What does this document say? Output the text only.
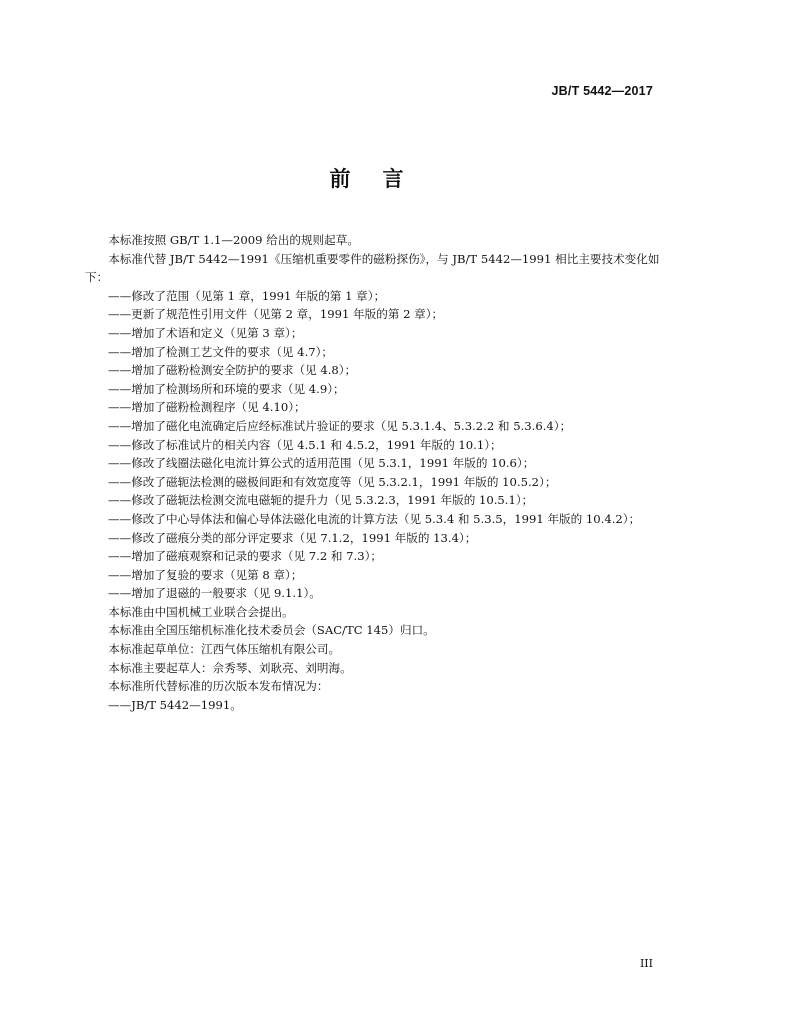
JB/T 5442—2017
前言

本标准按照 GB/T 1.1—2009 给出的规则起草。

本标准代替 JB/T 5442—1991《压缩机重要零件的磁粉探伤》，与 JB/T 5442—1991 相比主要技术变化如下：

——修改了范围（见第 1 章，1991 年版的第 1 章）；
——更新了规范性引用文件（见第 2 章，1991 年版的第 2 章）；
——增加了术语和定义（见第 3 章）；
——增加了检测工艺文件的要求（见 4.7）；
——增加了磁粉检测安全防护的要求（见 4.8）；
——增加了检测场所和环境的要求（见 4.9）；
——增加了磁粉检测程序（见 4.10）；
——增加了磁化电流确定后应经标准试片验证的要求（见 5.3.1.4、5.3.2.2 和 5.3.6.4）；
——修改了标准试片的相关内容（见 4.5.1 和 4.5.2，1991 年版的 10.1）；
——修改了线圈法磁化电流计算公式的适用范围（见 5.3.1，1991 年版的 10.6）；
——修改了磁轭法检测的磁极间距和有效宽度等（见 5.3.2.1，1991 年版的 10.5.2）；
——修改了磁轭法检测交流电磁轭的提升力（见 5.3.2.3，1991 年版的 10.5.1）；
——修改了中心导体法和偏心导体法磁化电流的计算方法（见 5.3.4 和 5.3.5，1991 年版的 10.4.2）；
——修改了磁痕分类的部分评定要求（见 7.1.2，1991 年版的 13.4）；
——增加了磁痕观察和记录的要求（见 7.2 和 7.3）；
——增加了复验的要求（见第 8 章）；
——增加了退磁的一般要求（见 9.1.1）。

本标准由中国机械工业联合会提出。

本标准由全国压缩机标准化技术委员会（SAC/TC 145）归口。

本标准起草单位：江西气体压缩机有限公司。

本标准主要起草人：佘秀琴、刘耿亮、刘明海。

本标准所代替标准的历次版本发布情况为：

——JB/T 5442—1991。
III
